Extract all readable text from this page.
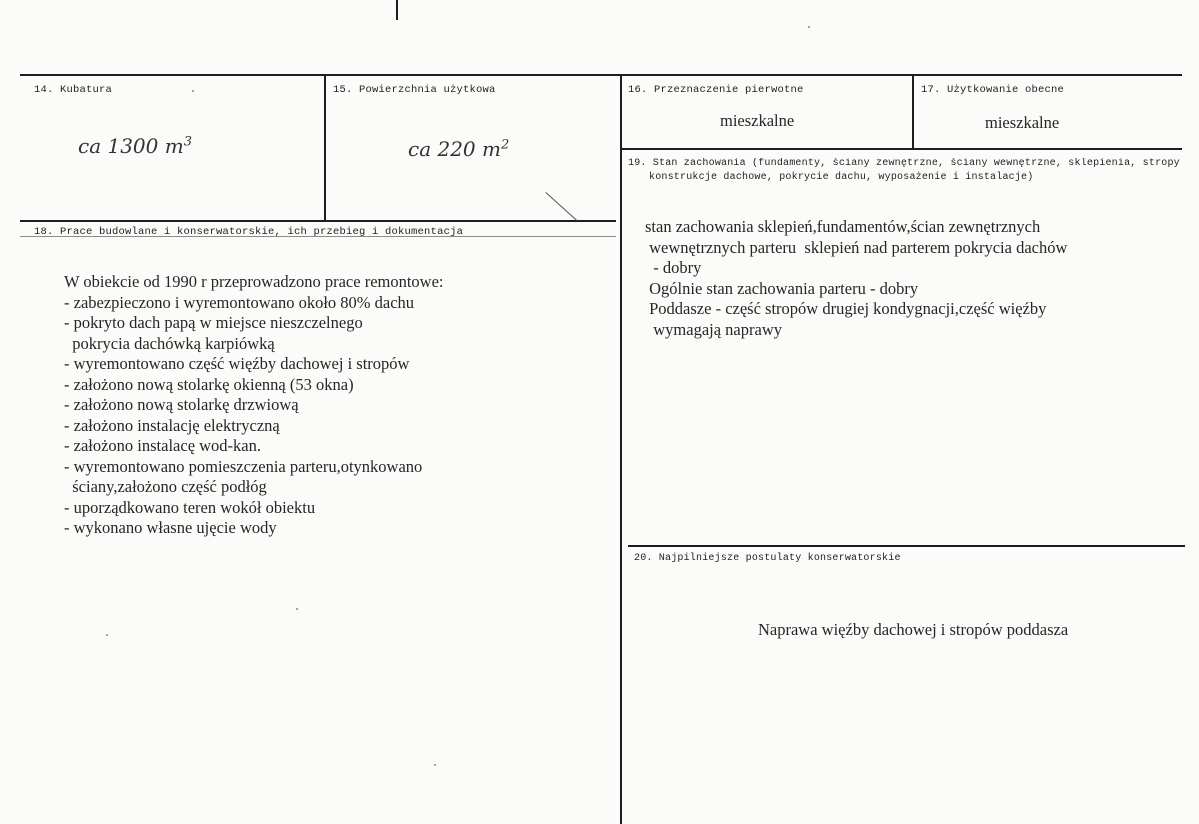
14. Kubatura
ca 1300 $m^3$
15. Powierzchnia użytkowa
ca 220 $m^2$
16. Przeznaczenie pierwotne
mieszkalne
17. Użytkowanie obecne
mieszkalne
19. Stan zachowania (fundamenty, ściany zewnętrzne, ściany wewnętrzne, sklepienia, stropy
konstrukcje dachowe, pokrycie dachu, wyposażenie i instalacje)
stan zachowania sklepień,fundamentów,ścian zewnętrznych
wewnętrznych parteru  sklepień nad parterem pokrycia dachów
- dobry
Ogólnie stan zachowania parteru - dobry
Poddasze - część stropów drugiej kondygnacji,część więźby
wymagają naprawy
18. Prace budowlane i konserwatorskie, ich przebieg i dokumentacja
W obiekcie od 1990 r przeprowadzono prace remontowe:
- zabezpieczono i wyremontowano około 80% dachu
- pokryto dach papą w miejsce nieszczelnego
pokrycia dachówką karpiówką
- wyremontowano część więźby dachowej i stropów
- założono nową stolarkę okienną (53 okna)
- założono nową stolarkę drzwiową
- założono instalację elektryczną
- założono instalacę wod-kan.
- wyremontowano pomieszczenia parteru,otynkowano
ściany,założono część podłóg
- uporządkowano teren wokół obiektu
- wykonano własne ujęcie wody
20. Najpilniejsze postulaty konserwatorskie
Naprawa więźby dachowej i stropów poddasza
